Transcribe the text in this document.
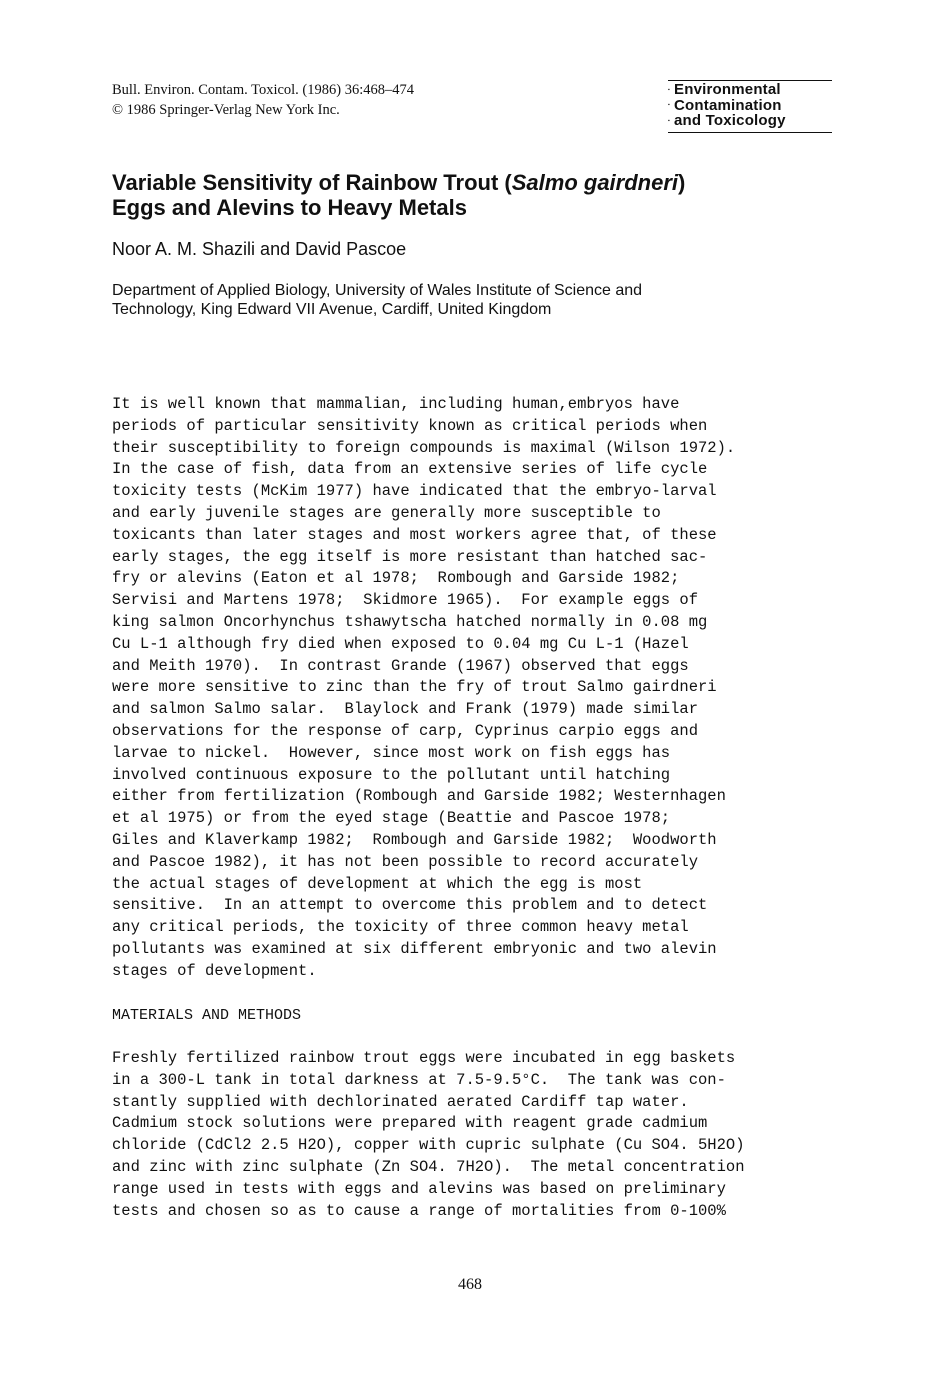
Bull. Environ. Contam. Toxicol. (1986) 36:468–474
© 1986 Springer-Verlag New York Inc.
▪ Environmental
▪ Contamination
▪ and Toxicology
Variable Sensitivity of Rainbow Trout (Salmo gairdneri)
Eggs and Alevins to Heavy Metals
Noor A. M. Shazili and David Pascoe
Department of Applied Biology, University of Wales Institute of Science and
Technology, King Edward VII Avenue, Cardiff, United Kingdom
It is well known that mammalian, including human,embryos have
periods of particular sensitivity known as critical periods when
their susceptibility to foreign compounds is maximal (Wilson 1972).
In the case of fish, data from an extensive series of life cycle
toxicity tests (McKim 1977) have indicated that the embryo-larval
and early juvenile stages are generally more susceptible to
toxicants than later stages and most workers agree that, of these
early stages, the egg itself is more resistant than hatched sac-
fry or alevins (Eaton et al 1978;  Rombough and Garside 1982;
Servisi and Martens 1978;  Skidmore 1965).  For example eggs of
king salmon Oncorhynchus tshawytscha hatched normally in 0.08 mg
Cu L-1 although fry died when exposed to 0.04 mg Cu L-1 (Hazel
and Meith 1970).  In contrast Grande (1967) observed that eggs
were more sensitive to zinc than the fry of trout Salmo gairdneri
and salmon Salmo salar.  Blaylock and Frank (1979) made similar
observations for the response of carp, Cyprinus carpio eggs and
larvae to nickel.  However, since most work on fish eggs has
involved continuous exposure to the pollutant until hatching
either from fertilization (Rombough and Garside 1982; Westernhagen
et al 1975) or from the eyed stage (Beattie and Pascoe 1978;
Giles and Klaverkamp 1982;  Rombough and Garside 1982;  Woodworth
and Pascoe 1982), it has not been possible to record accurately
the actual stages of development at which the egg is most
sensitive.  In an attempt to overcome this problem and to detect
any critical periods, the toxicity of three common heavy metal
pollutants was examined at six different embryonic and two alevin
stages of development.
MATERIALS AND METHODS
Freshly fertilized rainbow trout eggs were incubated in egg baskets
in a 300-L tank in total darkness at 7.5-9.5°C.  The tank was con-
stantly supplied with dechlorinated aerated Cardiff tap water.
Cadmium stock solutions were prepared with reagent grade cadmium
chloride (CdCl2 2.5 H2O), copper with cupric sulphate (Cu SO4. 5H2O)
and zinc with zinc sulphate (Zn SO4. 7H2O).  The metal concentration
range used in tests with eggs and alevins was based on preliminary
tests and chosen so as to cause a range of mortalities from 0-100%
468
